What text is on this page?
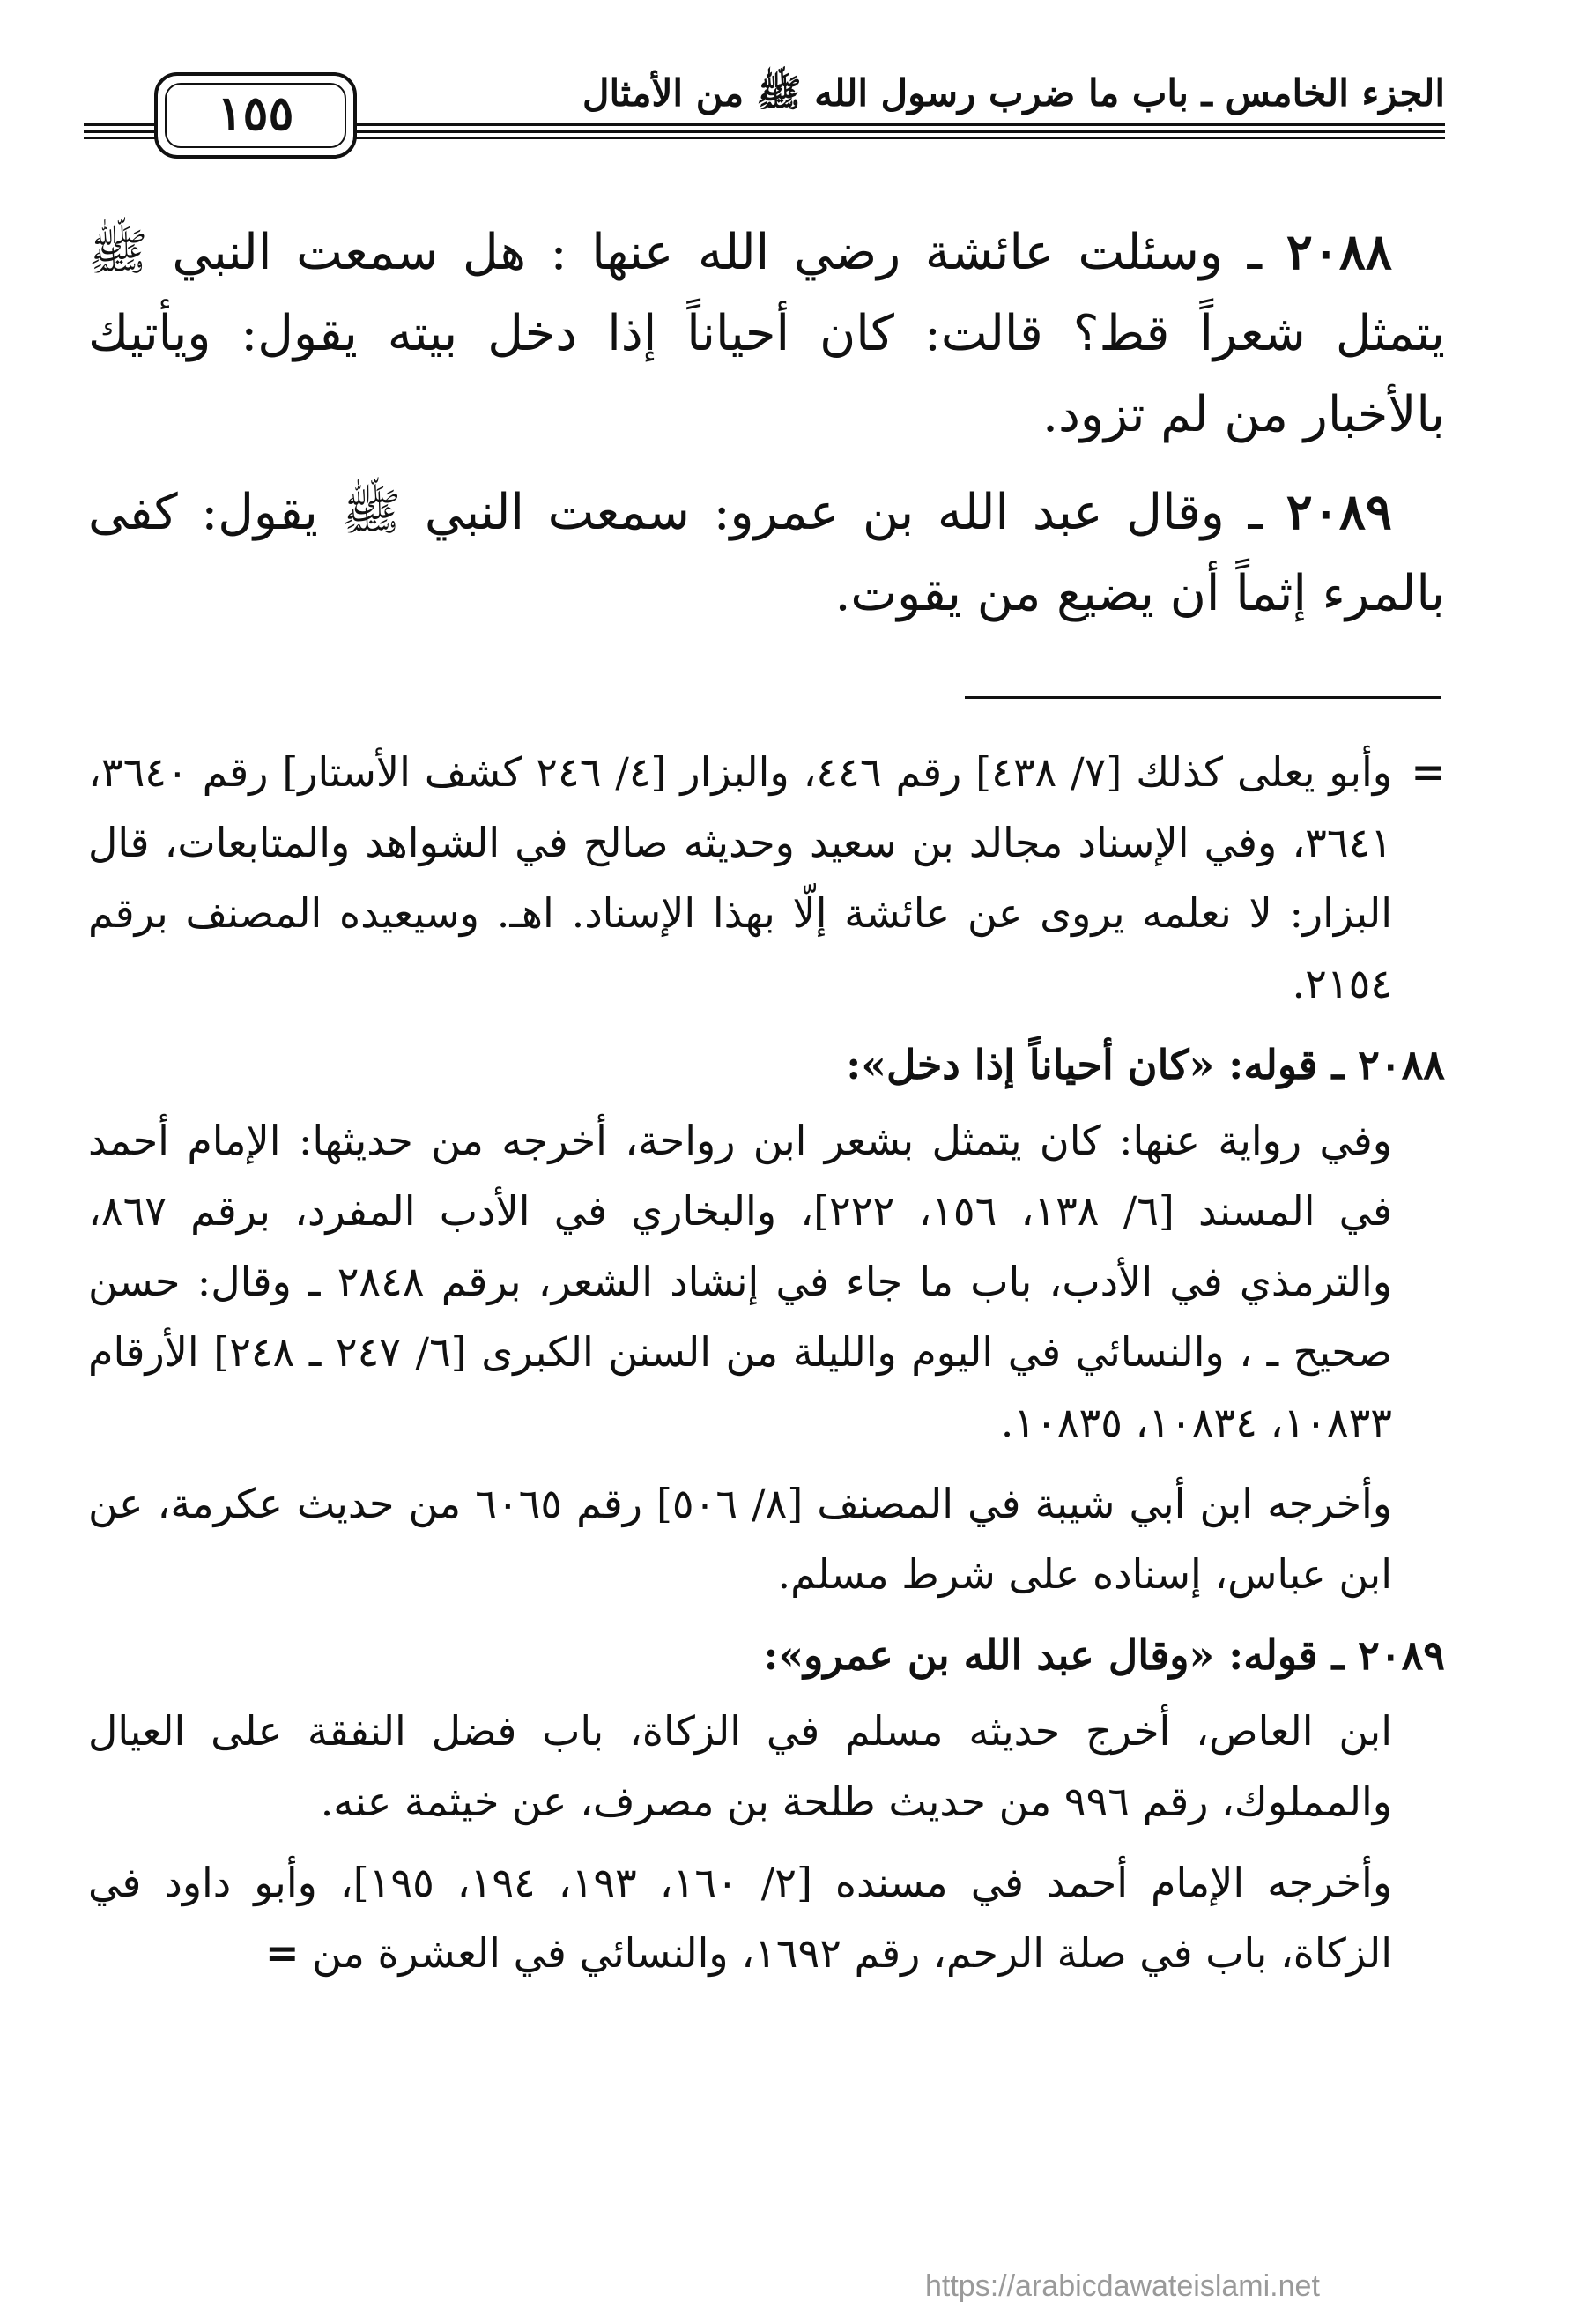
الجزء الخامس ـ باب ما ضرب رسول الله ﷺ من الأمثال
١٥٥

٢٠٨٨ ـ وسئلت عائشة رضي الله عنها : هل سمعت النبي ﷺ يتمثل شعراً قط؟ قالت: كان أحياناً إذا دخل بيته يقول: ويأتيك بالأخبار من لم تزود.

٢٠٨٩ ـ وقال عبد الله بن عمرو: سمعت النبي ﷺ يقول: كفى بالمرء إثماً أن يضيع من يقوت.

=
وأبو يعلى كذلك [٧/ ٤٣٨] رقم ٤٤٦، والبزار [٤/ ٢٤٦ كشف الأستار] رقم ٣٦٤٠، ٣٦٤١، وفي الإسناد مجالد بن سعيد وحديثه صالح في الشواهد والمتابعات، قال البزار: لا نعلمه يروى عن عائشة إلّا بهذا الإسناد. اهـ. وسيعيده المصنف برقم ٢١٥٤.
٢٠٨٨ ـ قوله: «كان أحياناً إذا دخل»:
وفي رواية عنها: كان يتمثل بشعر ابن رواحة، أخرجه من حديثها: الإمام أحمد في المسند [٦/ ١٣٨، ١٥٦، ٢٢٢]، والبخاري في الأدب المفرد، برقم ٨٦٧، والترمذي في الأدب، باب ما جاء في إنشاد الشعر، برقم ٢٨٤٨ ـ وقال: حسن صحيح ـ ، والنسائي في اليوم والليلة من السنن الكبرى [٦/ ٢٤٧ ـ ٢٤٨] الأرقام ١٠٨٣٣، ١٠٨٣٤، ١٠٨٣٥.
وأخرجه ابن أبي شيبة في المصنف [٨/ ٥٠٦] رقم ٦٠٦٥ من حديث عكرمة، عن ابن عباس، إسناده على شرط مسلم.
٢٠٨٩ ـ قوله: «وقال عبد الله بن عمرو»:
ابن العاص، أخرج حديثه مسلم في الزكاة، باب فضل النفقة على العيال والمملوك، رقم ٩٩٦ من حديث طلحة بن مصرف، عن خيثمة عنه.
وأخرجه الإمام أحمد في مسنده [٢/ ١٦٠، ١٩٣، ١٩٤، ١٩٥]، وأبو داود في الزكاة، باب في صلة الرحم، رقم ١٦٩٢، والنسائي في العشرة من =
https://arabicdawateislami.net
